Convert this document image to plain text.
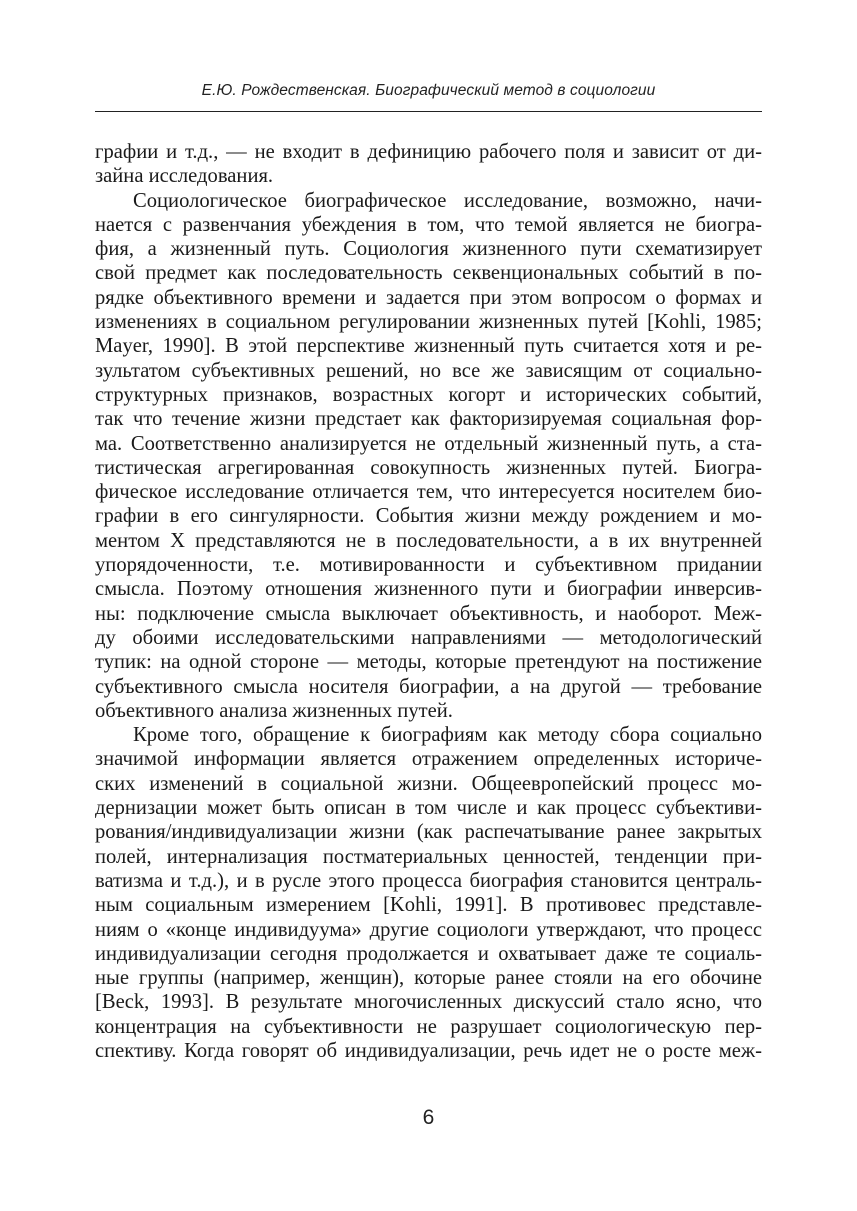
Е.Ю. Рождественская. Биографический метод в социологии
графии и т.д., — не входит в дефиницию рабочего поля и зависит от ди-
зайна исследования.
Социологическое биографическое исследование, возможно, начи-
нается с развенчания убеждения в том, что темой является не биогра-
фия, а жизненный путь. Социология жизненного пути схематизирует
свой предмет как последовательность секвенциональных событий в по-
рядке объективного времени и задается при этом вопросом о формах и
изменениях в социальном регулировании жизненных путей [Kohli, 1985;
Mayer, 1990]. В этой перспективе жизненный путь считается хотя и ре-
зультатом субъективных решений, но все же зависящим от социально-
структурных признаков, возрастных когорт и исторических событий,
так что течение жизни предстает как факторизируемая социальная фор-
ма. Соответственно анализируется не отдельный жизненный путь, а ста-
тистическая агрегированная совокупность жизненных путей. Биогра-
фическое исследование отличается тем, что интересуется носителем био-
графии в его сингулярности. События жизни между рождением и мо-
ментом Х представляются не в последовательности, а в их внутренней
упорядоченности, т.е. мотивированности и субъективном придании
смысла. Поэтому отношения жизненного пути и биографии инверсив-
ны: подключение смысла выключает объективность, и наоборот. Меж-
ду обоими исследовательскими направлениями — методологический
тупик: на одной стороне — методы, которые претендуют на постижение
субъективного смысла носителя биографии, а на другой — требование
объективного анализа жизненных путей.
Кроме того, обращение к биографиям как методу сбора социально
значимой информации является отражением определенных историче-
ских изменений в социальной жизни. Общеевропейский процесс мо-
дернизации может быть описан в том числе и как процесс субъективи-
рования/индивидуализации жизни (как распечатывание ранее закрытых
полей, интернализация постматериальных ценностей, тенденции при-
ватизма и т.д.), и в русле этого процесса биография становится централь-
ным социальным измерением [Kohli, 1991]. В противовес представле-
ниям о «конце индивидуума» другие социологи утверждают, что процесс
индивидуализации сегодня продолжается и охватывает даже те социаль-
ные группы (например, женщин), которые ранее стояли на его обочине
[Beck, 1993]. В результате многочисленных дискуссий стало ясно, что
концентрация на субъективности не разрушает социологическую пер-
спективу. Когда говорят об индивидуализации, речь идет не о росте меж-
6
